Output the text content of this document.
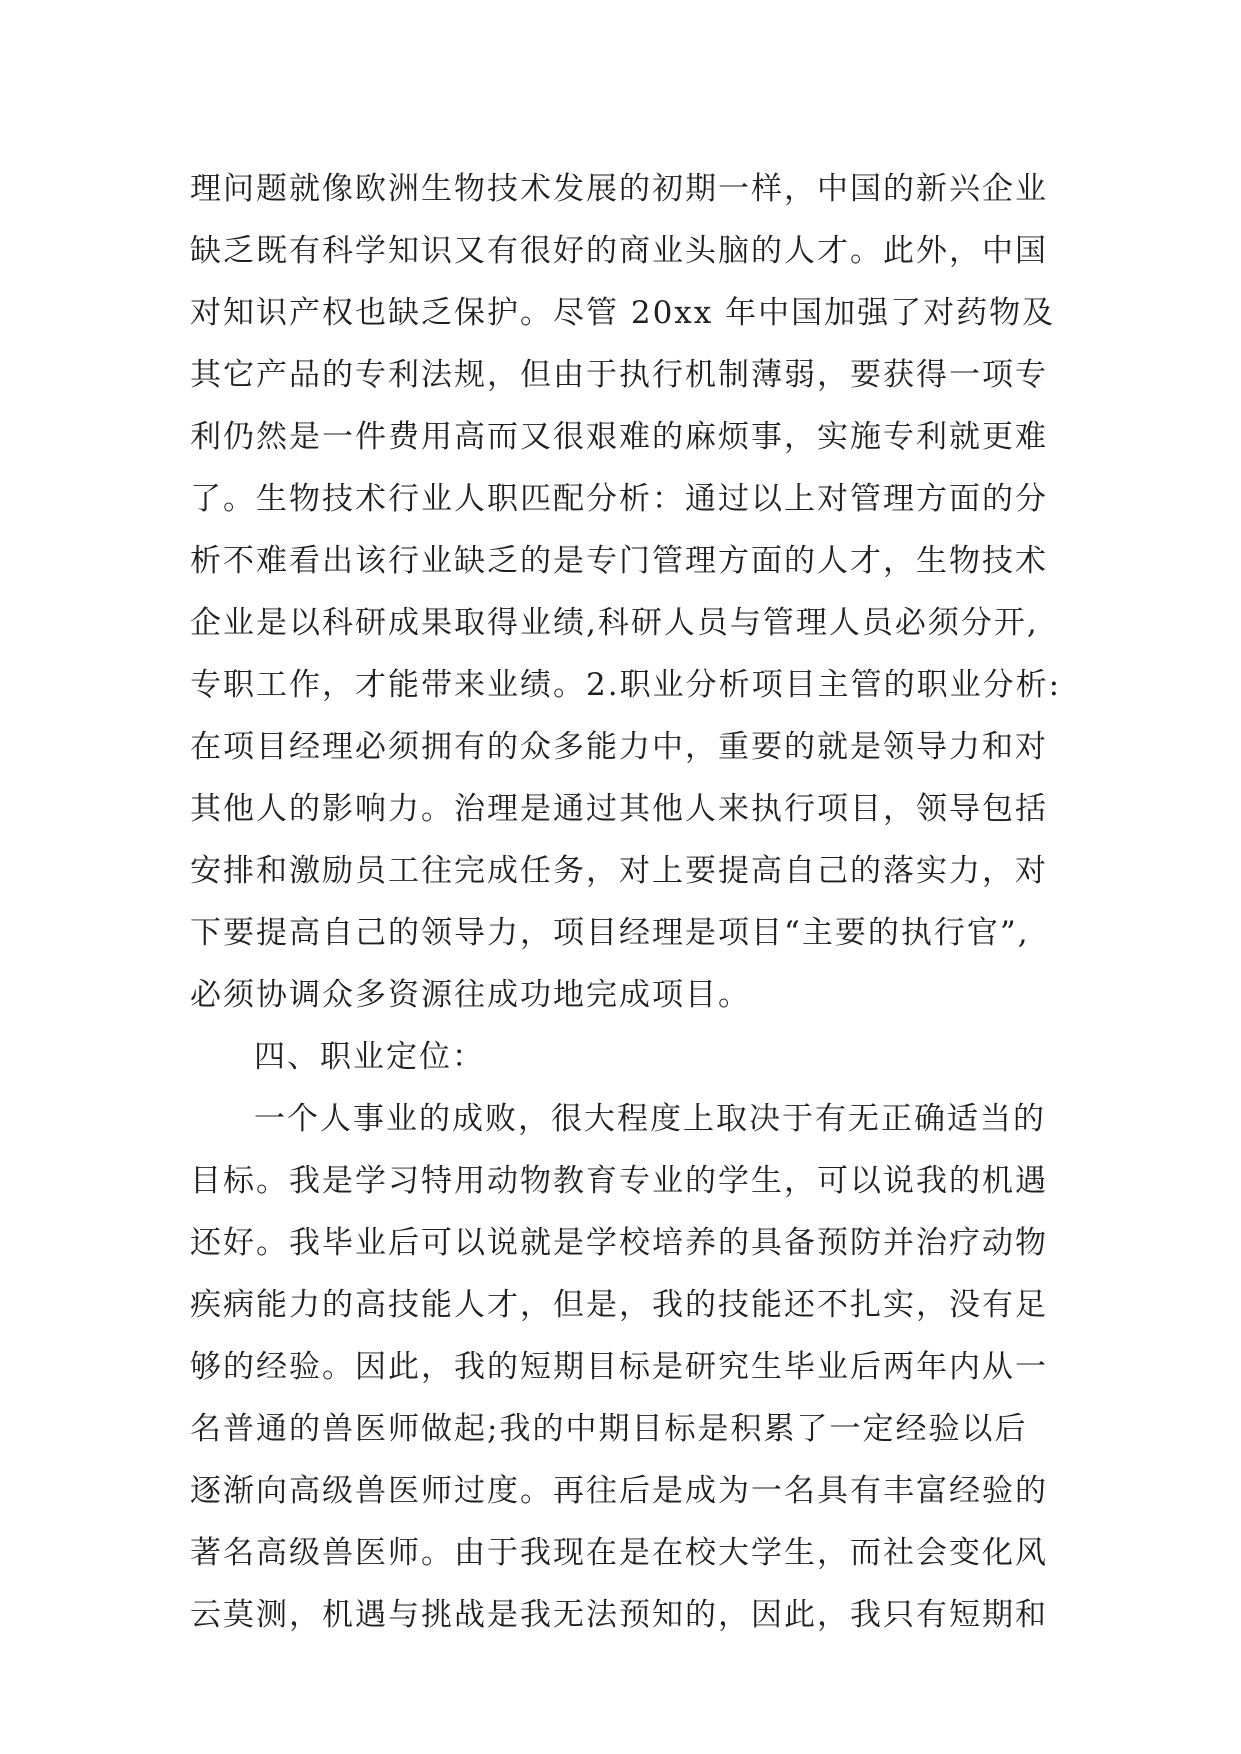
理问题就像欧洲生物技术发展的初期一样，中国的新兴企业
缺乏既有科学知识又有很好的商业头脑的人才。此外，中国
对知识产权也缺乏保护。尽管 20xx 年中国加强了对药物及
其它产品的专利法规，但由于执行机制薄弱，要获得一项专
利仍然是一件费用高而又很艰难的麻烦事，实施专利就更难
了。生物技术行业人职匹配分析：通过以上对管理方面的分
析不难看出该行业缺乏的是专门管理方面的人才，生物技术
企业是以科研成果取得业绩,科研人员与管理人员必须分开,
专职工作，才能带来业绩。2.职业分析项目主管的职业分析:
在项目经理必须拥有的众多能力中，重要的就是领导力和对
其他人的影响力。治理是通过其他人来执行项目，领导包括
安排和激励员工往完成任务，对上要提高自己的落实力，对
下要提高自己的领导力，项目经理是项目“主要的执行官”,
必须协调众多资源往成功地完成项目。
四、职业定位：
一个人事业的成败，很大程度上取决于有无正确适当的
目标。我是学习特用动物教育专业的学生，可以说我的机遇
还好。我毕业后可以说就是学校培养的具备预防并治疗动物
疾病能力的高技能人才，但是，我的技能还不扎实，没有足
够的经验。因此，我的短期目标是研究生毕业后两年内从一
名普通的兽医师做起;我的中期目标是积累了一定经验以后
逐渐向高级兽医师过度。再往后是成为一名具有丰富经验的
著名高级兽医师。由于我现在是在校大学生，而社会变化风
云莫测，机遇与挑战是我无法预知的，因此，我只有短期和
